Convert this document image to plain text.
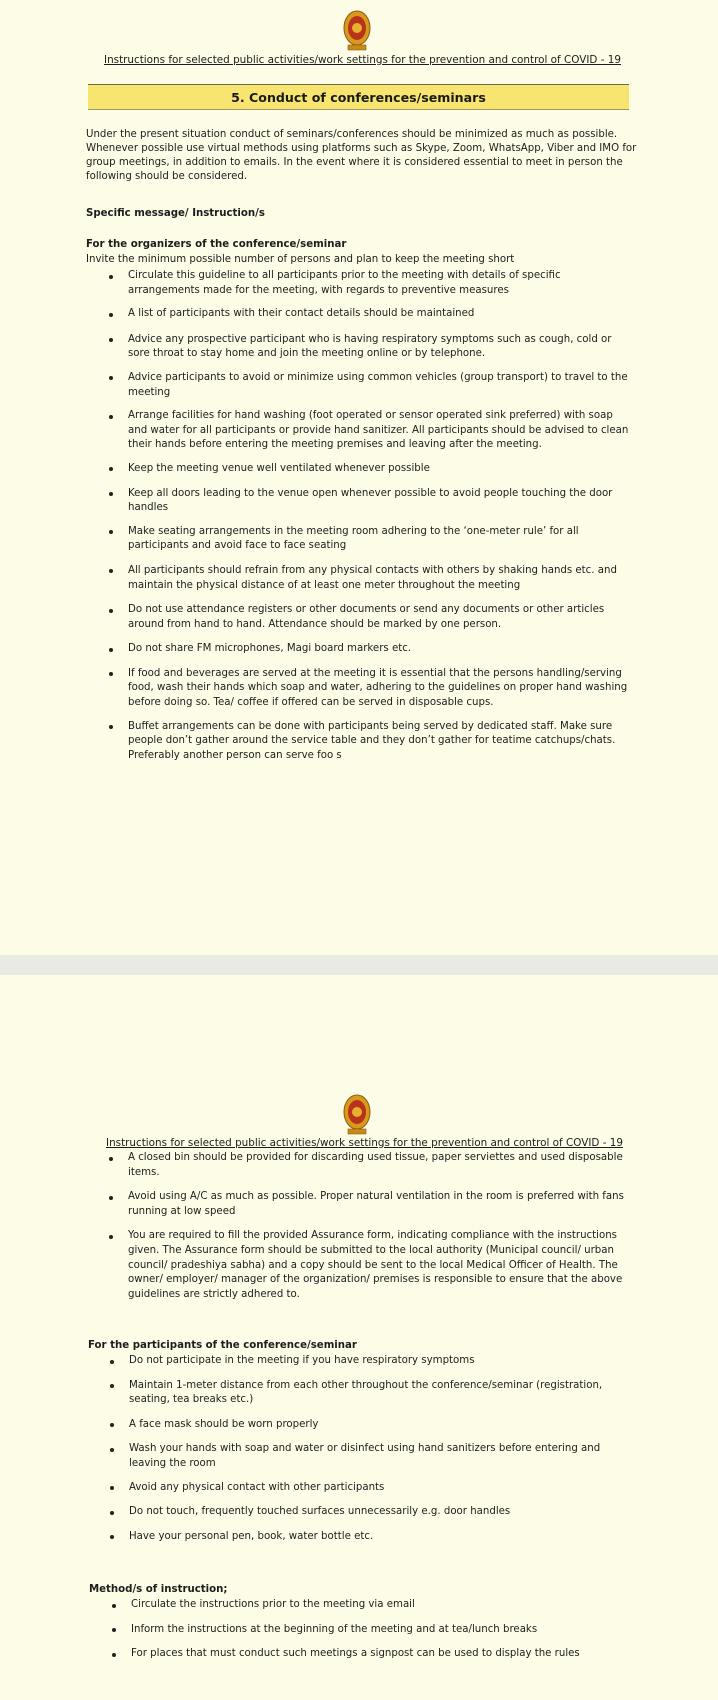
Instructions for selected public activities/work settings for the prevention and control of COVID - 19
5. Conduct of conferences/seminars
Under the present situation conduct of seminars/conferences should be minimized as much as possible. Whenever possible use virtual methods using platforms such as Skype, Zoom, WhatsApp, Viber and IMO for group meetings, in addition to emails. In the event where it is considered essential to meet in person the following should be considered.
Specific message/ Instruction/s
For the organizers of the conference/seminar
Invite the minimum possible number of persons and plan to keep the meeting short
Circulate this guideline to all participants prior to the meeting with details of specific arrangements made for the meeting, with regards to preventive measures
A list of participants with their contact details should be maintained
Advice any prospective participant who is having respiratory symptoms such as cough, cold or sore throat to stay home and join the meeting online or by telephone.
Advice participants to avoid or minimize using common vehicles (group transport) to travel to the meeting
Arrange facilities for hand washing (foot operated or sensor operated sink preferred) with soap and water for all participants or provide hand sanitizer. All participants should be advised to clean their hands before entering the meeting premises and leaving after the meeting.
Keep the meeting venue well ventilated whenever possible
Keep all doors leading to the venue open whenever possible to avoid people touching the door handles
Make seating arrangements in the meeting room adhering to the ‘one-meter rule’ for all participants and avoid face to face seating
All participants should refrain from any physical contacts with others by shaking hands etc. and maintain the physical distance of at least one meter throughout the meeting
Do not use attendance registers or other documents or send any documents or other articles around from hand to hand. Attendance should be marked by one person.
Do not share FM microphones, Magi board markers etc.
If food and beverages are served at the meeting it is essential that the persons handling/serving food, wash their hands which soap and water, adhering to the guidelines on proper hand washing before doing so. Tea/ coffee if offered can be served in disposable cups.
Buffet arrangements can be done with participants being served by dedicated staff. Make sure people don’t gather around the service table and they don’t gather for teatime catchups/chats. Preferably another person can serve foo s
Instructions for selected public activities/work settings for the prevention and control of COVID - 19
A closed bin should be provided for discarding used tissue, paper serviettes and used disposable items.
Avoid using A/C as much as possible. Proper natural ventilation in the room is preferred with fans running at low speed
You are required to fill the provided Assurance form, indicating compliance with the instructions given. The Assurance form should be submitted to the local authority (Municipal council/ urban council/ pradeshiya sabha) and a copy should be sent to the local Medical Officer of Health. The owner/ employer/ manager of the organization/ premises is responsible to ensure that the above guidelines are strictly adhered to.
For the participants of the conference/seminar
Do not participate in the meeting if you have respiratory symptoms
Maintain 1-meter distance from each other throughout the conference/seminar (registration, seating, tea breaks etc.)
A face mask should be worn properly
Wash your hands with soap and water or disinfect using hand sanitizers before entering and leaving the room
Avoid any physical contact with other participants
Do not touch, frequently touched surfaces unnecessarily e.g. door handles
Have your personal pen, book, water bottle etc.
Method/s of instruction;
Circulate the instructions prior to the meeting via email
Inform the instructions at the beginning of the meeting and at tea/lunch breaks
For places that must conduct such meetings a signpost can be used to display the rules
